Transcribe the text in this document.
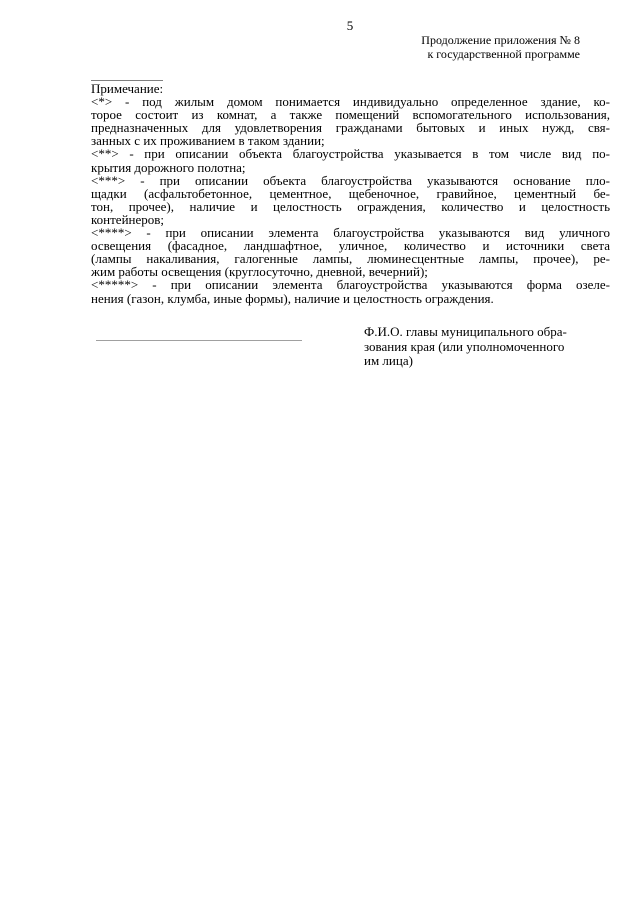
5
Продолжение приложения № 8
к государственной программе
Примечание:
<*> - под жилым домом понимается индивидуально определенное здание, ко-
торое состоит из комнат, а также помещений вспомогательного использования,
предназначенных для удовлетворения гражданами бытовых и иных нужд, свя-
занных с их проживанием в таком здании;
<**> - при описании объекта благоустройства указывается в том числе вид по-
крытия дорожного полотна;
<***> - при описании объекта благоустройства указываются основание пло-
щадки (асфальтобетонное, цементное, щебеночное, гравийное, цементный бе-
тон, прочее), наличие и целостность ограждения, количество и целостность
контейнеров;
<****> - при описании элемента благоустройства указываются вид уличного
освещения (фасадное, ландшафтное, уличное, количество и источники света
(лампы накаливания, галогенные лампы, люминесцентные лампы, прочее), ре-
жим работы освещения (круглосуточно, дневной, вечерний);
<*****> - при описании элемента благоустройства указываются форма озеле-
нения (газон, клумба, иные формы), наличие и целостность ограждения.
Ф.И.О. главы муниципального обра-
зования края (или уполномоченного
им лица)
